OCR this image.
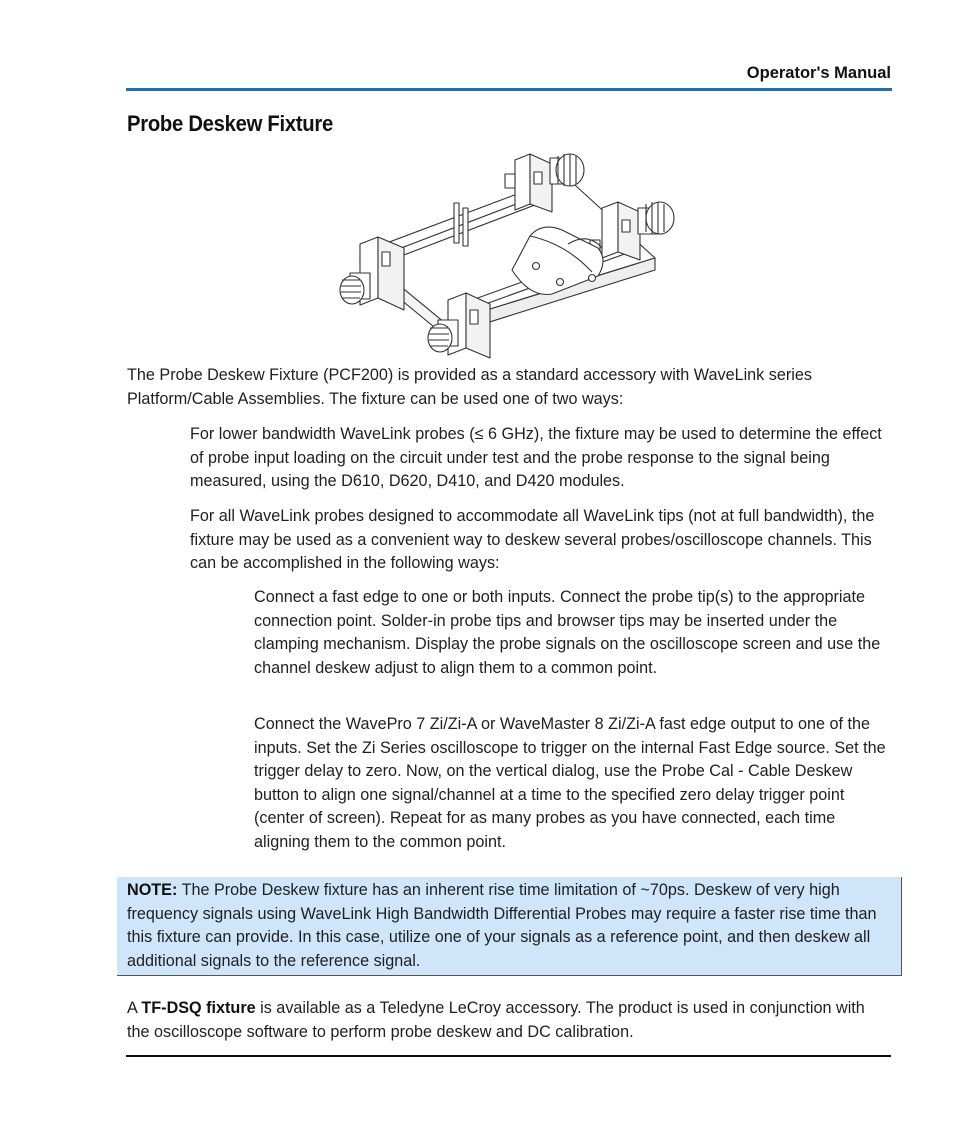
Operator's Manual
Probe Deskew Fixture

The Probe Deskew Fixture (PCF200) is provided as a standard accessory with WaveLink series Platform/Cable Assemblies. The fixture can be used one of two ways:

For lower bandwidth WaveLink probes (≤ 6 GHz), the fixture may be used to determine the effect of probe input loading on the circuit under test and the probe response to the signal being measured, using the D610, D620, D410, and D420 modules.

For all WaveLink probes designed to accommodate all WaveLink tips (not at full bandwidth), the fixture may be used as a convenient way to deskew several probes/oscilloscope channels. This can be accomplished in the following ways:

Connect a fast edge to one or both inputs. Connect the probe tip(s) to the appropriate connection point. Solder-in probe tips and browser tips may be inserted under the clamping mechanism. Display the probe signals on the oscilloscope screen and use the channel deskew adjust to align them to a common point.

Connect the WavePro 7 Zi/Zi-A or WaveMaster 8 Zi/Zi-A fast edge output to one of the inputs. Set the Zi Series oscilloscope to trigger on the internal Fast Edge source. Set the trigger delay to zero. Now, on the vertical dialog, use the Probe Cal - Cable Deskew button to align one signal/channel at a time to the specified zero delay trigger point (center of screen). Repeat for as many probes as you have connected, each time aligning them to the common point.

NOTE: The Probe Deskew fixture has an inherent rise time limitation of ~70ps. Deskew of very high frequency signals using WaveLink High Bandwidth Differential Probes may require a faster rise time than this fixture can provide. In this case, utilize one of your signals as a reference point, and then deskew all additional signals to the reference signal.

A TF-DSQ fixture is available as a Teledyne LeCroy accessory. The product is used in conjunction with the oscilloscope software to perform probe deskew and DC calibration.
